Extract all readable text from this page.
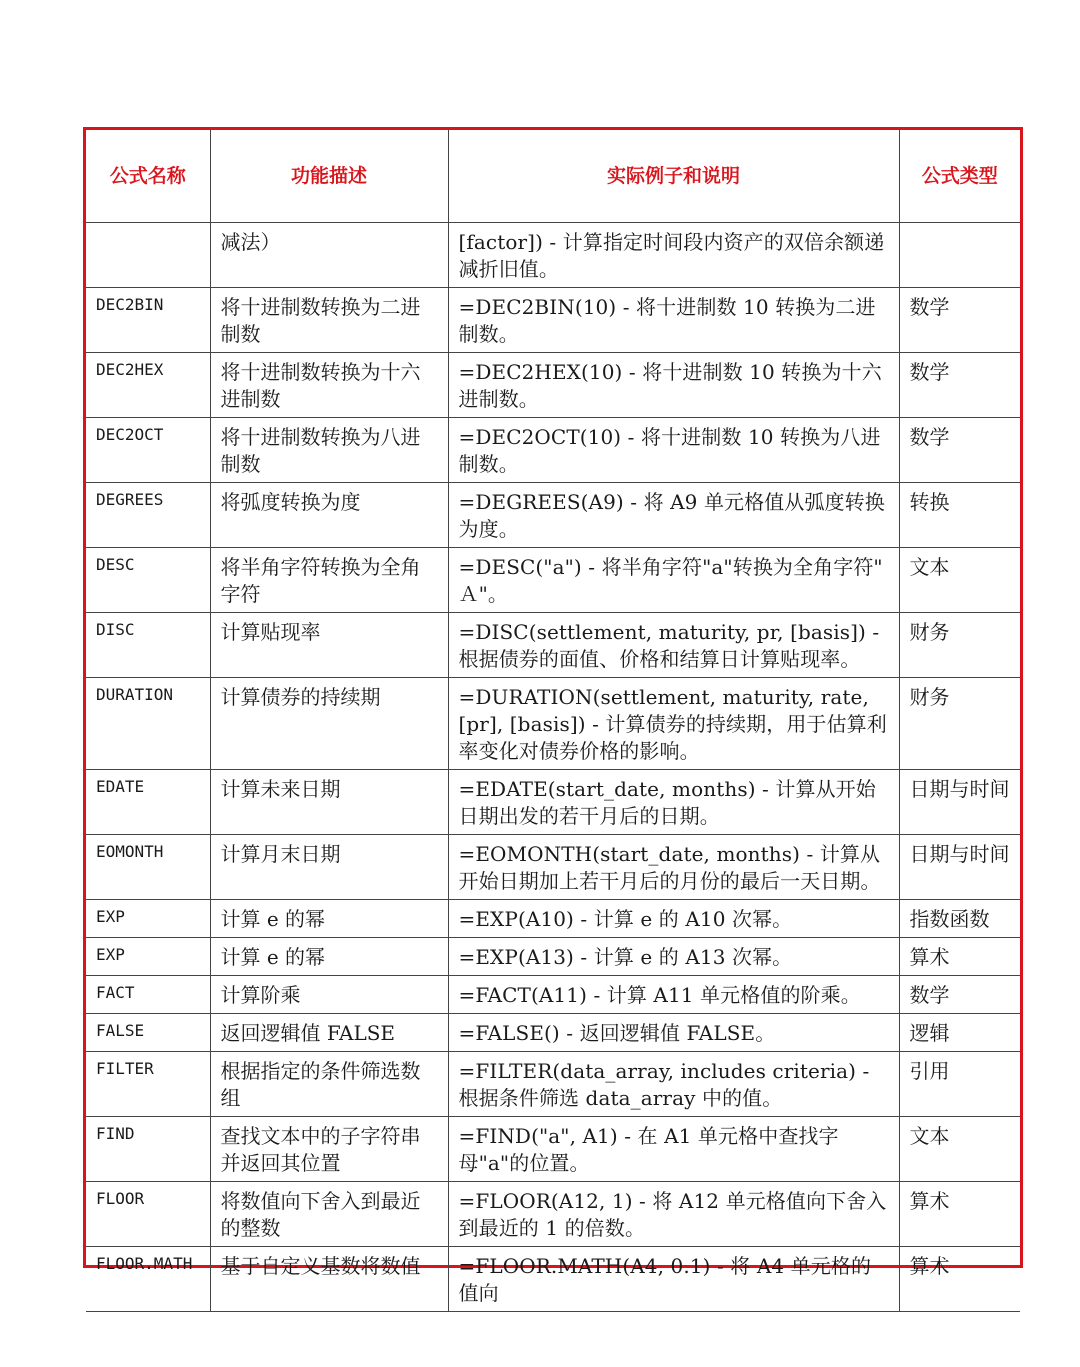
公式名称	功能描述	实际例子和说明	公式类型
	减法）	[factor]) - 计算指定时间段内资产的双倍余额递减折旧值。	
DEC2BIN	将十进制数转换为二进制数	=DEC2BIN(10) - 将十进制数 10 转换为二进制数。	数学
DEC2HEX	将十进制数转换为十六进制数	=DEC2HEX(10) - 将十进制数 10 转换为十六进制数。	数学
DEC2OCT	将十进制数转换为八进制数	=DEC2OCT(10) - 将十进制数 10 转换为八进制数。	数学
DEGREES	将弧度转换为度	=DEGREES(A9) - 将 A9 单元格值从弧度转换为度。	转换
DESC	将半角字符转换为全角字符	=DESC("a") - 将半角字符"a"转换为全角字符" Ａ"。	文本
DISC	计算贴现率	=DISC(settlement, maturity, pr, [basis]) - 根据债券的面值、价格和结算日计算贴现率。	财务
DURATION	计算债券的持续期	=DURATION(settlement, maturity, rate, [pr], [basis]) - 计算债券的持续期，用于估算利率变化对债券价格的影响。	财务
EDATE	计算未来日期	=EDATE(start_date, months) - 计算从开始日期出发的若干月后的日期。	日期与时间
EOMONTH	计算月末日期	=EOMONTH(start_date, months) - 计算从开始日期加上若干月后的月份的最后一天日期。	日期与时间
EXP	计算 e 的幂	=EXP(A10) - 计算 e 的 A10 次幂。	指数函数
EXP	计算 e 的幂	=EXP(A13) - 计算 e 的 A13 次幂。	算术
FACT	计算阶乘	=FACT(A11) - 计算 A11 单元格值的阶乘。	数学
FALSE	返回逻辑值 FALSE	=FALSE() - 返回逻辑值 FALSE。	逻辑
FILTER	根据指定的条件筛选数组	=FILTER(data_array, includes criteria) - 根据条件筛选 data_array 中的值。	引用
FIND	查找文本中的子字符串并返回其位置	=FIND("a", A1) - 在 A1 单元格中查找字母"a"的位置。	文本
FLOOR	将数值向下舍入到最近的整数	=FLOOR(A12, 1) - 将 A12 单元格值向下舍入到最近的 1 的倍数。	算术
FLOOR.MATH	基于自定义基数将数值	=FLOOR.MATH(A4, 0.1) - 将 A4 单元格的值向	算术
